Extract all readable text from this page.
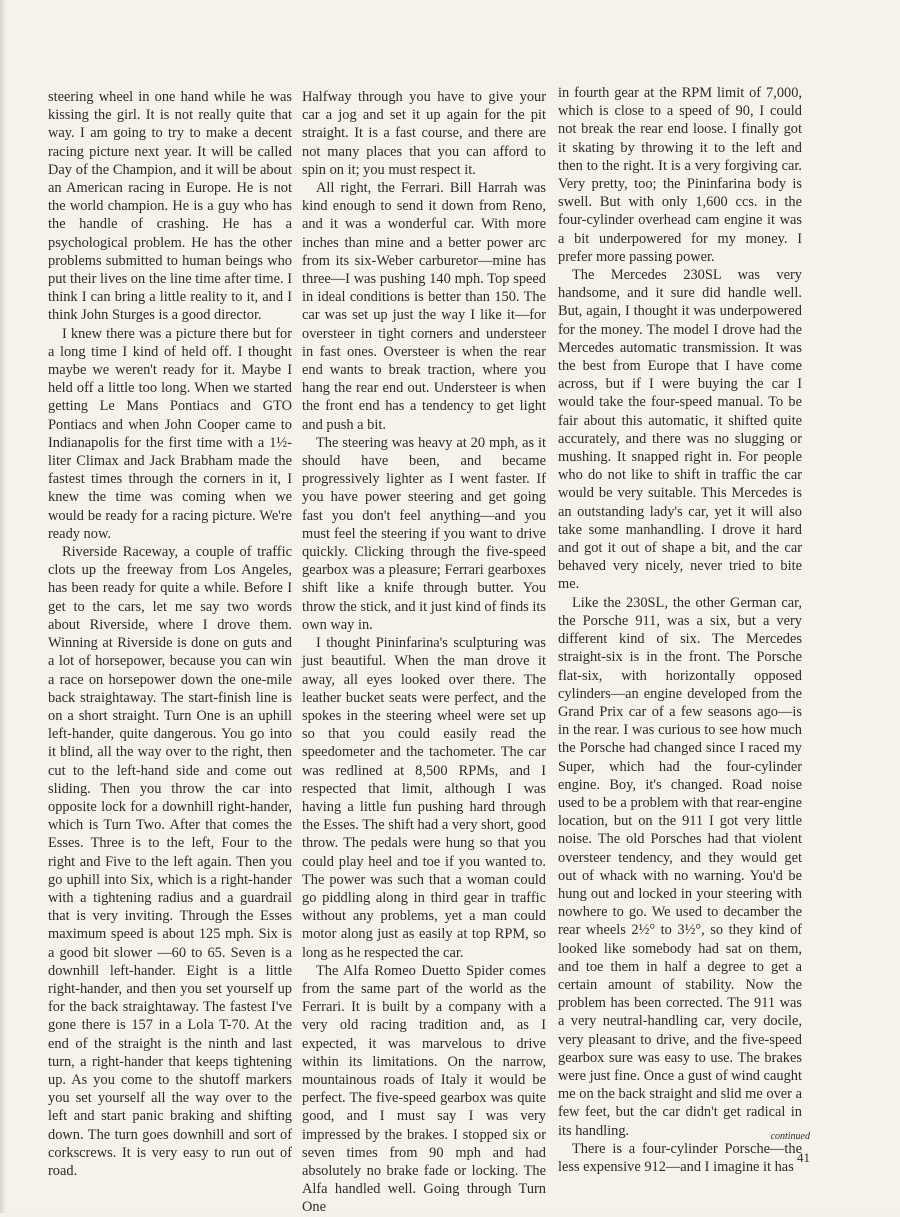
steering wheel in one hand while he was kissing the girl. It is not really quite that way. I am going to try to make a decent racing picture next year. It will be called Day of the Champion, and it will be about an American racing in Europe. He is not the world champion. He is a guy who has the handle of crashing. He has a psychological problem. He has the other problems submitted to human beings who put their lives on the line time after time. I think I can bring a little reality to it, and I think John Sturges is a good director.

I knew there was a picture there but for a long time I kind of held off. I thought maybe we weren't ready for it. Maybe I held off a little too long. When we started getting Le Mans Pontiacs and GTO Pontiacs and when John Cooper came to Indianapolis for the first time with a 1½-liter Climax and Jack Brabham made the fastest times through the corners in it, I knew the time was coming when we would be ready for a racing picture. We're ready now.

Riverside Raceway, a couple of traffic clots up the freeway from Los Angeles, has been ready for quite a while. Before I get to the cars, let me say two words about Riverside, where I drove them. Winning at Riverside is done on guts and a lot of horsepower, because you can win a race on horsepower down the one-mile back straightaway. The start-finish line is on a short straight. Turn One is an uphill left-hander, quite dangerous. You go into it blind, all the way over to the right, then cut to the left-hand side and come out sliding. Then you throw the car into opposite lock for a downhill right-hander, which is Turn Two. After that comes the Esses. Three is to the left, Four to the right and Five to the left again. Then you go uphill into Six, which is a right-hander with a tightening radius and a guardrail that is very inviting. Through the Esses maximum speed is about 125 mph. Six is a good bit slower —60 to 65. Seven is a downhill left-hander. Eight is a little right-hander, and then you set yourself up for the back straightaway. The fastest I've gone there is 157 in a Lola T-70. At the end of the straight is the ninth and last turn, a right-hander that keeps tightening up. As you come to the shutoff markers you set yourself all the way over to the left and start panic braking and shifting down. The turn goes downhill and sort of corkscrews. It is very easy to run out of road.

Halfway through you have to give your car a jog and set it up again for the pit straight. It is a fast course, and there are not many places that you can afford to spin on it; you must respect it.

All right, the Ferrari. Bill Harrah was kind enough to send it down from Reno, and it was a wonderful car. With more inches than mine and a better power arc from its six-Weber carburetor—mine has three—I was pushing 140 mph. Top speed in ideal conditions is better than 150. The car was set up just the way I like it—for oversteer in tight corners and understeer in fast ones. Oversteer is when the rear end wants to break traction, where you hang the rear end out. Understeer is when the front end has a tendency to get light and push a bit.

The steering was heavy at 20 mph, as it should have been, and became progressively lighter as I went faster. If you have power steering and get going fast you don't feel anything—and you must feel the steering if you want to drive quickly. Clicking through the five-speed gearbox was a pleasure; Ferrari gearboxes shift like a knife through butter. You throw the stick, and it just kind of finds its own way in.

I thought Pininfarina's sculpturing was just beautiful. When the man drove it away, all eyes looked over there. The leather bucket seats were perfect, and the spokes in the steering wheel were set up so that you could easily read the speedometer and the tachometer. The car was redlined at 8,500 RPMs, and I respected that limit, although I was having a little fun pushing hard through the Esses. The shift had a very short, good throw. The pedals were hung so that you could play heel and toe if you wanted to. The power was such that a woman could go piddling along in third gear in traffic without any problems, yet a man could motor along just as easily at top RPM, so long as he respected the car.

The Alfa Romeo Duetto Spider comes from the same part of the world as the Ferrari. It is built by a company with a very old racing tradition and, as I expected, it was marvelous to drive within its limitations. On the narrow, mountainous roads of Italy it would be perfect. The five-speed gearbox was quite good, and I must say I was very impressed by the brakes. I stopped six or seven times from 90 mph and had absolutely no brake fade or locking. The Alfa handled well. Going through Turn One

in fourth gear at the RPM limit of 7,000, which is close to a speed of 90, I could not break the rear end loose. I finally got it skating by throwing it to the left and then to the right. It is a very forgiving car. Very pretty, too; the Pininfarina body is swell. But with only 1,600 ccs. in the four-cylinder overhead cam engine it was a bit underpowered for my money. I prefer more passing power.

The Mercedes 230SL was very handsome, and it sure did handle well. But, again, I thought it was underpowered for the money. The model I drove had the Mercedes automatic transmission. It was the best from Europe that I have come across, but if I were buying the car I would take the four-speed manual. To be fair about this automatic, it shifted quite accurately, and there was no slugging or mushing. It snapped right in. For people who do not like to shift in traffic the car would be very suitable. This Mercedes is an outstanding lady's car, yet it will also take some manhandling. I drove it hard and got it out of shape a bit, and the car behaved very nicely, never tried to bite me.

Like the 230SL, the other German car, the Porsche 911, was a six, but a very different kind of six. The Mercedes straight-six is in the front. The Porsche flat-six, with horizontally opposed cylinders—an engine developed from the Grand Prix car of a few seasons ago—is in the rear. I was curious to see how much the Porsche had changed since I raced my Super, which had the four-cylinder engine. Boy, it's changed. Road noise used to be a problem with that rear-engine location, but on the 911 I got very little noise. The old Porsches had that violent oversteer tendency, and they would get out of whack with no warning. You'd be hung out and locked in your steering with nowhere to go. We used to decamber the rear wheels 2½° to 3½°, so they kind of looked like somebody had sat on them, and toe them in half a degree to get a certain amount of stability. Now the problem has been corrected. The 911 was a very neutral-handling car, very docile, very pleasant to drive, and the five-speed gearbox sure was easy to use. The brakes were just fine. Once a gust of wind caught me on the back straight and slid me over a few feet, but the car didn't get radical in its handling.

There is a four-cylinder Porsche—the less expensive 912—and I imagine it has

continued
41
